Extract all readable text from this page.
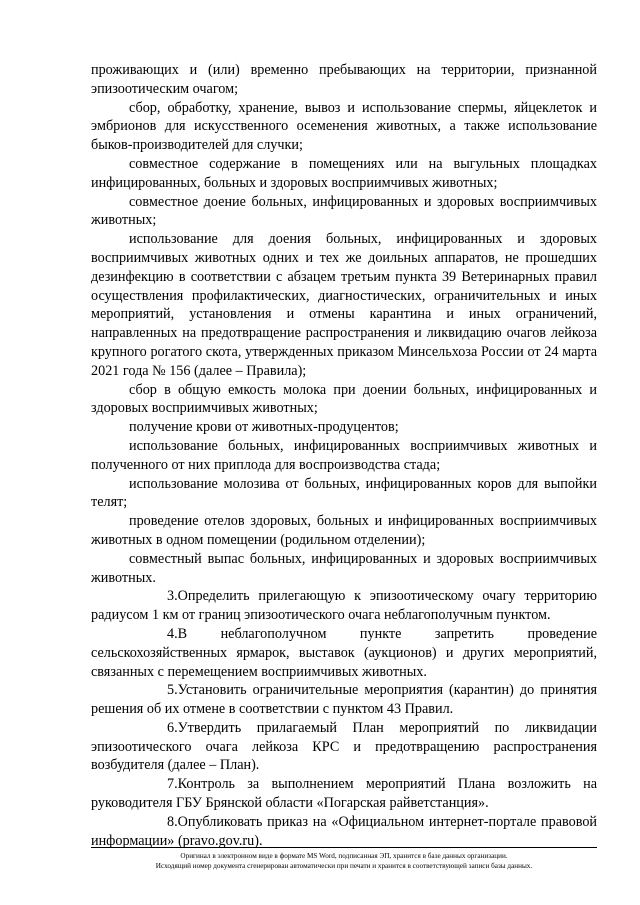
проживающих и (или) временно пребывающих на территории, признанной эпизоотическим очагом;

сбор, обработку, хранение, вывоз и использование спермы, яйцеклеток и эмбрионов для искусственного осеменения животных, а также использование быков-производителей для случки;

совместное содержание в помещениях или на выгульных площадках инфицированных, больных и здоровых восприимчивых животных;

совместное доение больных, инфицированных и здоровых восприимчивых животных;

использование для доения больных, инфицированных и здоровых восприимчивых животных одних и тех же доильных аппаратов, не прошедших дезинфекцию в соответствии с абзацем третьим пункта 39 Ветеринарных правил осуществления профилактических, диагностических, ограничительных и иных мероприятий, установления и отмены карантина и иных ограничений, направленных на предотвращение распространения и ликвидацию очагов лейкоза крупного рогатого скота, утвержденных приказом Минсельхоза России от 24 марта 2021 года № 156 (далее – Правила);

сбор в общую емкость молока при доении больных, инфицированных и здоровых восприимчивых животных;

получение крови от животных-продуцентов;

использование больных, инфицированных восприимчивых животных и полученного от них приплода для воспроизводства стада;

использование молозива от больных, инфицированных коров для выпойки телят;

проведение отелов здоровых, больных и инфицированных восприимчивых животных в одном помещении (родильном отделении);

совместный выпас больных, инфицированных и здоровых восприимчивых животных.

3.Определить прилегающую к эпизоотическому очагу территорию радиусом 1 км от границ эпизоотического очага неблагополучным пунктом.

4.В неблагополучном пункте запретить проведение сельскохозяйственных ярмарок, выставок (аукционов) и других мероприятий, связанных с перемещением восприимчивых животных.

5.Установить ограничительные мероприятия (карантин) до принятия решения об их отмене в соответствии с пунктом 43 Правил.

6.Утвердить прилагаемый План мероприятий по ликвидации эпизоотического очага лейкоза КРС и предотвращению распространения возбудителя (далее – План).

7.Контроль за выполнением мероприятий Плана возложить на руководителя ГБУ Брянской области «Погарская райветстанция».

8.Опубликовать приказ на «Официальном интернет-портале правовой информации» (pravo.gov.ru).

Оригинал в электронном виде в формате MS Word, подписанная ЭП, хранится в базе данных организации.
Исходящий номер документа сгенерирован автоматически при печати и хранится в соответствующей записи базы данных.
